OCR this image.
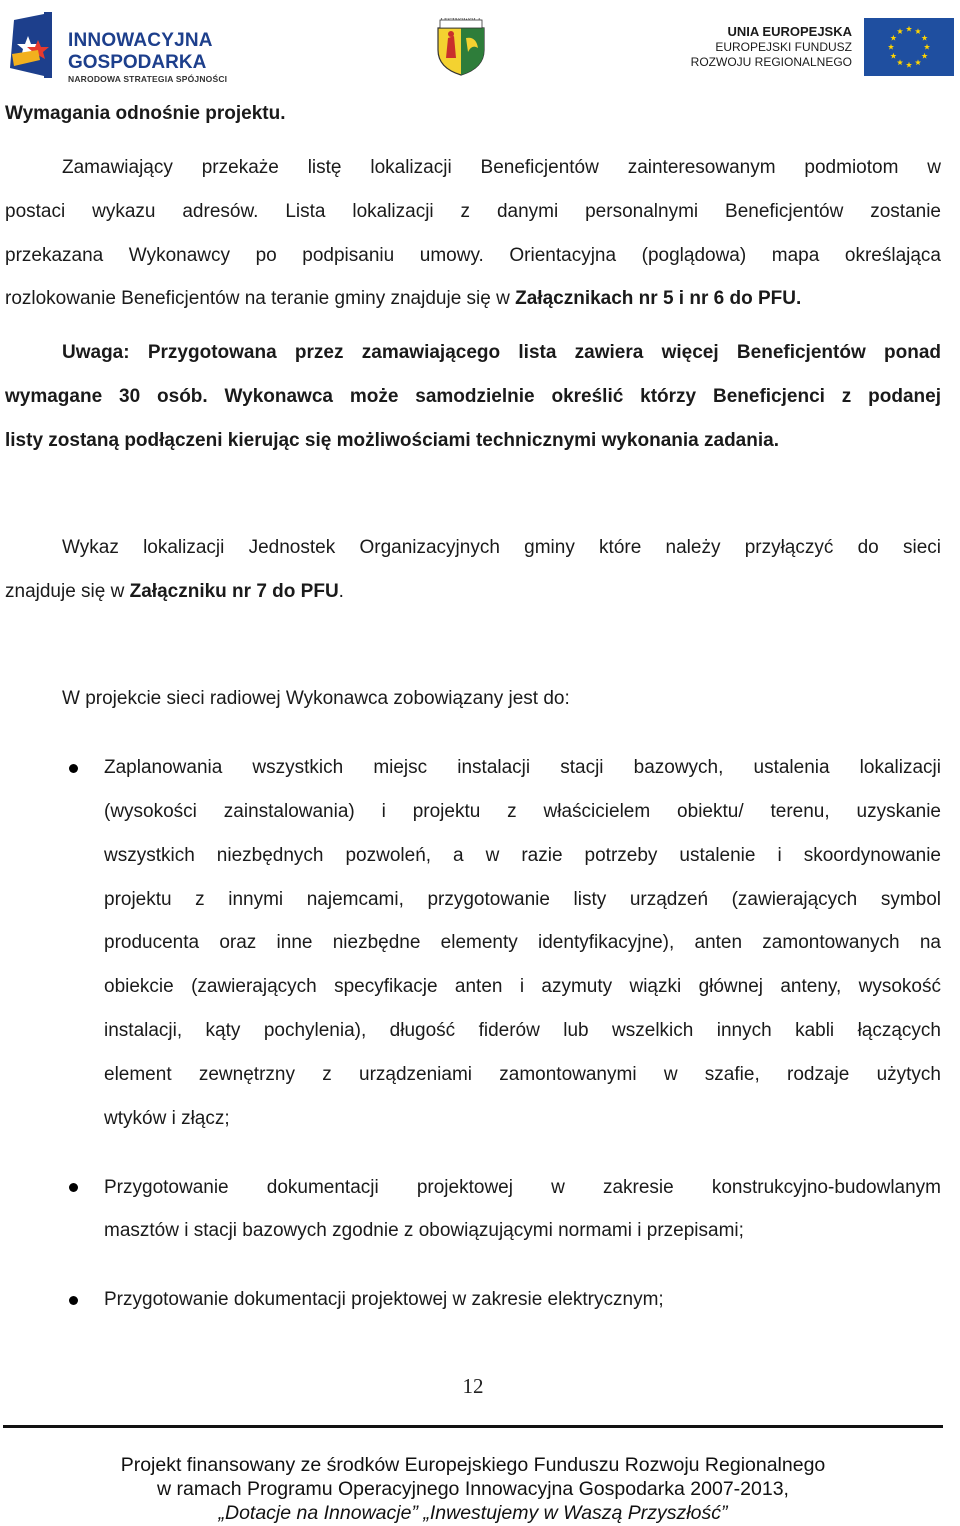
INNOWACYJNA
GOSPODARKA
NARODOWA STRATEGIA SPÓJNOŚCI
UNIA EUROPEJSKA
EUROPEJSKI FUNDUSZ
ROZWOJU REGIONALNEGO
Wymagania odnośnie projektu.
Zamawiający przekaże listę lokalizacji Beneficjentów zainteresowanym podmiotom w
postaci wykazu adresów. Lista lokalizacji z danymi personalnymi Beneficjentów zostanie
przekazana Wykonawcy po podpisaniu umowy. Orientacyjna (poglądowa) mapa określająca
rozlokowanie Beneficjentów na teranie gminy znajduje się w Załącznikach nr 5 i nr 6 do PFU.
Uwaga: Przygotowana przez zamawiającego lista zawiera więcej Beneficjentów ponad
wymagane 30 osób. Wykonawca może samodzielnie określić którzy Beneficjenci z podanej
listy zostaną podłączeni kierując się możliwościami technicznymi wykonania zadania.
Wykaz lokalizacji Jednostek Organizacyjnych gminy które należy przyłączyć do sieci
znajduje się w Załączniku nr 7 do PFU.
W projekcie sieci radiowej Wykonawca zobowiązany jest do:
Zaplanowania wszystkich miejsc instalacji stacji bazowych, ustalenia lokalizacji
(wysokości zainstalowania) i projektu z właścicielem obiektu/ terenu, uzyskanie
wszystkich niezbędnych pozwoleń, a w razie potrzeby ustalenie i skoordynowanie
projektu z innymi najemcami, przygotowanie listy urządzeń (zawierających symbol
producenta oraz inne niezbędne elementy identyfikacyjne), anten zamontowanych na
obiekcie (zawierających specyfikacje anten i azymuty wiązki głównej anteny, wysokość
instalacji, kąty pochylenia), długość fiderów lub wszelkich innych kabli łączących
element zewnętrzny z urządzeniami zamontowanymi w szafie, rodzaje użytych
wtyków i złącz;
Przygotowanie dokumentacji projektowej w zakresie konstrukcyjno-budowlanym
masztów i stacji bazowych zgodnie z obowiązującymi normami i przepisami;
Przygotowanie dokumentacji projektowej w zakresie elektrycznym;
12
Projekt finansowany ze środków Europejskiego Funduszu Rozwoju Regionalnego
w ramach Programu Operacyjnego Innowacyjna Gospodarka 2007-2013,
„Dotacje na Innowacje” „Inwestujemy w Waszą Przyszłość”
